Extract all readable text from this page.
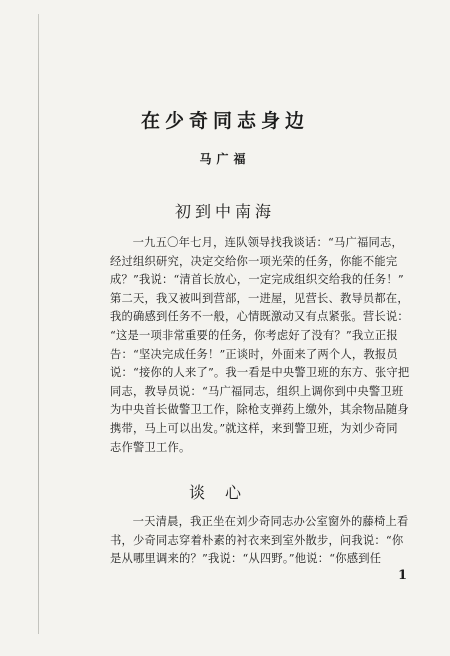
在少奇同志身边
马广福
初到中南海

一九五〇年七月，连队领导找我谈话：“马广福同志，

经过组织研究，决定交给你一项光荣的任务，你能不能完

成？”我说：“清首长放心，一定完成组织交给我的任务！”

第二天，我又被叫到营部，一进屋，见营长、教导员都在，

我的确感到任务不一般，心情既激动又有点紧张。营长说：

“这是一项非常重要的任务，你考虑好了没有？”我立正报

告：“坚决完成任务！”正谈时，外面来了两个人，教报员

说：“接你的人来了”。我一看是中央警卫班的东方、张守把

同志，教导员说：“马广福同志，组织上调你到中央警卫班

为中央首长做警卫工作，除枪支弹药上缴外，其余物品随身

携带，马上可以出发。”就这样，来到警卫班，为刘少奇同

志作警卫工作。

谈心

一天清晨，我正坐在刘少奇同志办公室窗外的藤椅上看

书，少奇同志穿着朴素的衬衣来到室外散步，问我说：“你

是从哪里调来的？”我说：“从四野。”他说：“你感到任

1
